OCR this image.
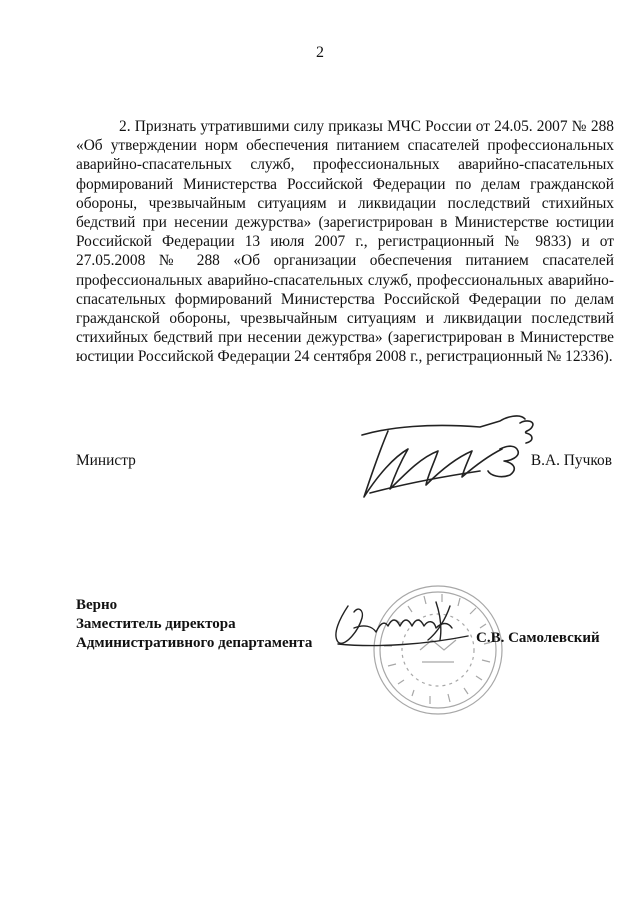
2

2. Признать утратившими силу приказы МЧС России от 24.05. 2007 № 288 «Об утверждении норм обеспечения питанием спасателей профессиональных аварийно-спасательных служб, профессиональных аварийно-спасательных формирований Министерства Российской Федерации по делам гражданской обороны, чрезвычайным ситуациям и ликвидации последствий стихийных бедствий при несении дежурства» (зарегистрирован в Министерстве юстиции Российской Федерации 13 июля 2007 г., регистрационный № 9833) и от 27.05.2008 № 288 «Об организации обеспечения питанием спасателей профессиональных аварийно-спасательных служб, профессиональных аварийно-спасательных формирований Министерства Российской Федерации по делам гражданской обороны, чрезвычайным ситуациям и ликвидации последствий стихийных бедствий при несении дежурства» (зарегистрирован в Министерстве юстиции Российской Федерации 24 сентября 2008 г., регистрационный № 12336).

Министр	В.А. Пучков
Верно
Заместитель директора
Административного департамента	С.В. Самолевский
